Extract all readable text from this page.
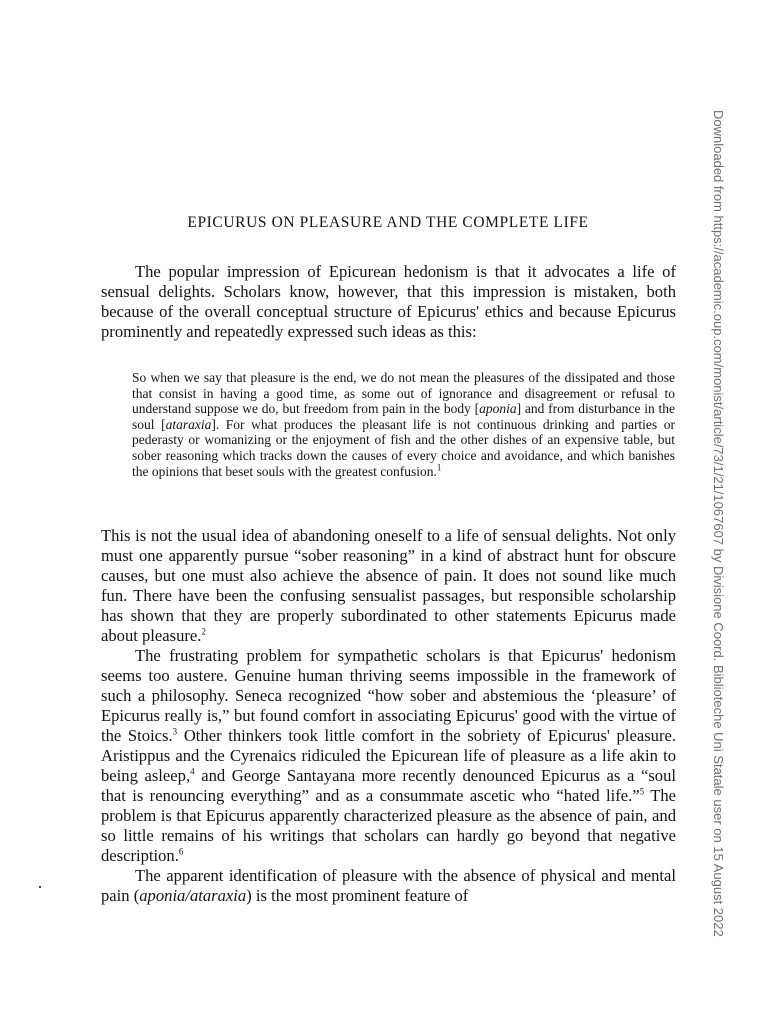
Downloaded from https://academic.oup.com/monist/article/73/1/21/1067607 by Divisione Coord. Biblioteche Uni Statale user on 15 August 2022
EPICURUS ON PLEASURE AND THE COMPLETE LIFE

The popular impression of Epicurean hedonism is that it advocates a life of sensual delights. Scholars know, however, that this impression is mistaken, both because of the overall conceptual structure of Epicurus' ethics and because Epicurus prominently and repeatedly expressed such ideas as this:

So when we say that pleasure is the end, we do not mean the pleasures of the dissipated and those that consist in having a good time, as some out of ignorance and disagreement or refusal to understand suppose we do, but freedom from pain in the body [aponia] and from disturbance in the soul [ataraxia]. For what produces the pleasant life is not continuous drinking and parties or pederasty or womanizing or the enjoyment of fish and the other dishes of an expensive table, but sober reasoning which tracks down the causes of every choice and avoidance, and which banishes the opinions that beset souls with the greatest confusion.$^1$

This is not the usual idea of abandoning oneself to a life of sensual delights. Not only must one apparently pursue “sober reasoning” in a kind of abstract hunt for obscure causes, but one must also achieve the absence of pain. It does not sound like much fun. There have been the confusing sensualist passages, but responsible scholarship has shown that they are properly subordinated to other statements Epicurus made about pleasure.$^2$

The frustrating problem for sympathetic scholars is that Epicurus' hedonism seems too austere. Genuine human thriving seems impossible in the framework of such a philosophy. Seneca recognized “how sober and abstemious the ‘pleasure’ of Epicurus really is,” but found comfort in associating Epicurus' good with the virtue of the Stoics.$^3$ Other thinkers took little comfort in the sobriety of Epicurus' pleasure. Aristippus and the Cyrenaics ridiculed the Epicurean life of pleasure as a life akin to being asleep,$^4$ and George Santayana more recently denounced Epicurus as a “soul that is renouncing everything” and as a consummate ascetic who “hated life.”$^5$ The problem is that Epicurus apparently characterized pleasure as the absence of pain, and so little remains of his writings that scholars can hardly go beyond that negative description.$^6$

The apparent identification of pleasure with the absence of physical and mental pain (aponia/ataraxia) is the most prominent feature of
